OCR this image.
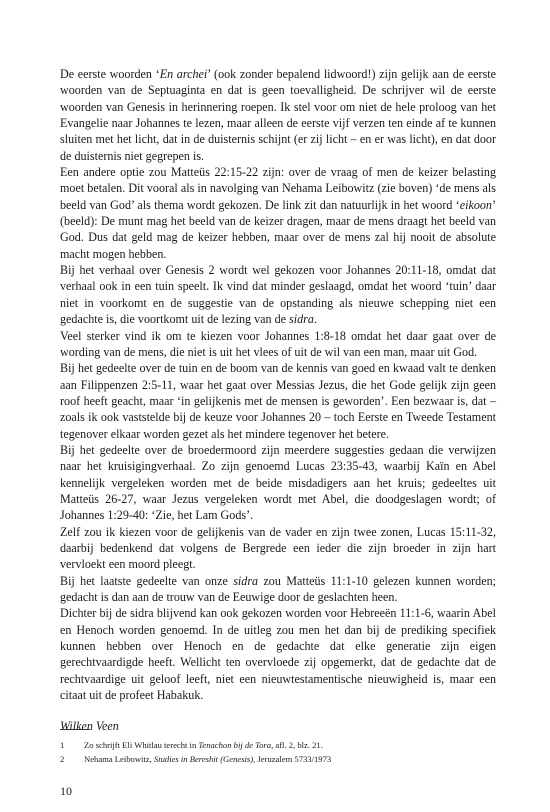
De eerste woorden ‘En archei’ (ook zonder bepalend lidwoord!) zijn gelijk aan de eerste woorden van de Septuaginta en dat is geen toevalligheid. De schrijver wil de eerste woorden van Genesis in herinnering roepen. Ik stel voor om niet de hele proloog van het Evangelie naar Johannes te lezen, maar alleen de eerste vijf verzen ten einde af te kunnen sluiten met het licht, dat in de duisternis schijnt (er zij licht – en er was licht), en dat door de duisternis niet gegrepen is.

Een andere optie zou Matteüs 22:15-22 zijn: over de vraag of men de keizer belasting moet betalen. Dit vooral als in navolging van Nehama Leibowitz (zie boven) ‘de mens als beeld van God’ als thema wordt gekozen. De link zit dan natuurlijk in het woord ‘eikoon’ (beeld): De munt mag het beeld van de keizer dragen, maar de mens draagt het beeld van God. Dus dat geld mag de keizer hebben, maar over de mens zal hij nooit de absolute macht mogen hebben.

Bij het verhaal over Genesis 2 wordt wel gekozen voor Johannes 20:11-18, omdat dat verhaal ook in een tuin speelt. Ik vind dat minder geslaagd, omdat het woord ‘tuin’ daar niet in voorkomt en de suggestie van de opstanding als nieuwe schepping niet een gedachte is, die voortkomt uit de lezing van de sidra.

Veel sterker vind ik om te kiezen voor Johannes 1:8-18 omdat het daar gaat over de wording van de mens, die niet is uit het vlees of uit de wil van een man, maar uit God.

Bij het gedeelte over de tuin en de boom van de kennis van goed en kwaad valt te denken aan Filippenzen 2:5-11, waar het gaat over Messias Jezus, die het Gode gelijk zijn geen roof heeft geacht, maar ‘in gelijkenis met de mensen is geworden’. Een bezwaar is, dat – zoals ik ook vaststelde bij de keuze voor Johannes 20 – toch Eerste en Tweede Testament tegenover elkaar worden gezet als het mindere tegenover het betere.

Bij het gedeelte over de broedermoord zijn meerdere suggesties gedaan die verwijzen naar het kruisigingverhaal. Zo zijn genoemd Lucas 23:35-43, waarbij Kaïn en Abel kennelijk vergeleken worden met de beide misdadigers aan het kruis; gedeeltes uit Matteüs 26-27, waar Jezus vergeleken wordt met Abel, die doodgeslagen wordt; of Johannes 1:29-40: ‘Zie, het Lam Gods’.

Zelf zou ik kiezen voor de gelijkenis van de vader en zijn twee zonen, Lucas 15:11-32, daarbij bedenkend dat volgens de Bergrede een ieder die zijn broeder in zijn hart vervloekt een moord pleegt.

Bij het laatste gedeelte van onze sidra zou Matteüs 11:1-10 gelezen kunnen worden; gedacht is dan aan de trouw van de Eeuwige door de geslachten heen.

Dichter bij de sidra blijvend kan ook gekozen worden voor Hebreeën 11:1-6, waarin Abel en Henoch worden genoemd. In de uitleg zou men het dan bij de prediking specifiek kunnen hebben over Henoch en de gedachte dat elke generatie zijn eigen gerechtvaardigde heeft. Wellicht ten overvloede zij opgemerkt, dat de gedachte dat de rechtvaardige uit geloof leeft, niet een nieuwtestamentische nieuwigheid is, maar een citaat uit de profeet Habakuk.

Wilken Veen
1	Zo schrijft Eli Whitlau terecht in Tenachon bij de Tora, afl. 2, blz. 21.
2	Nehama Leibowitz, Studies in Bereshit (Genesis), Jeruzalem 5733/1973
10
